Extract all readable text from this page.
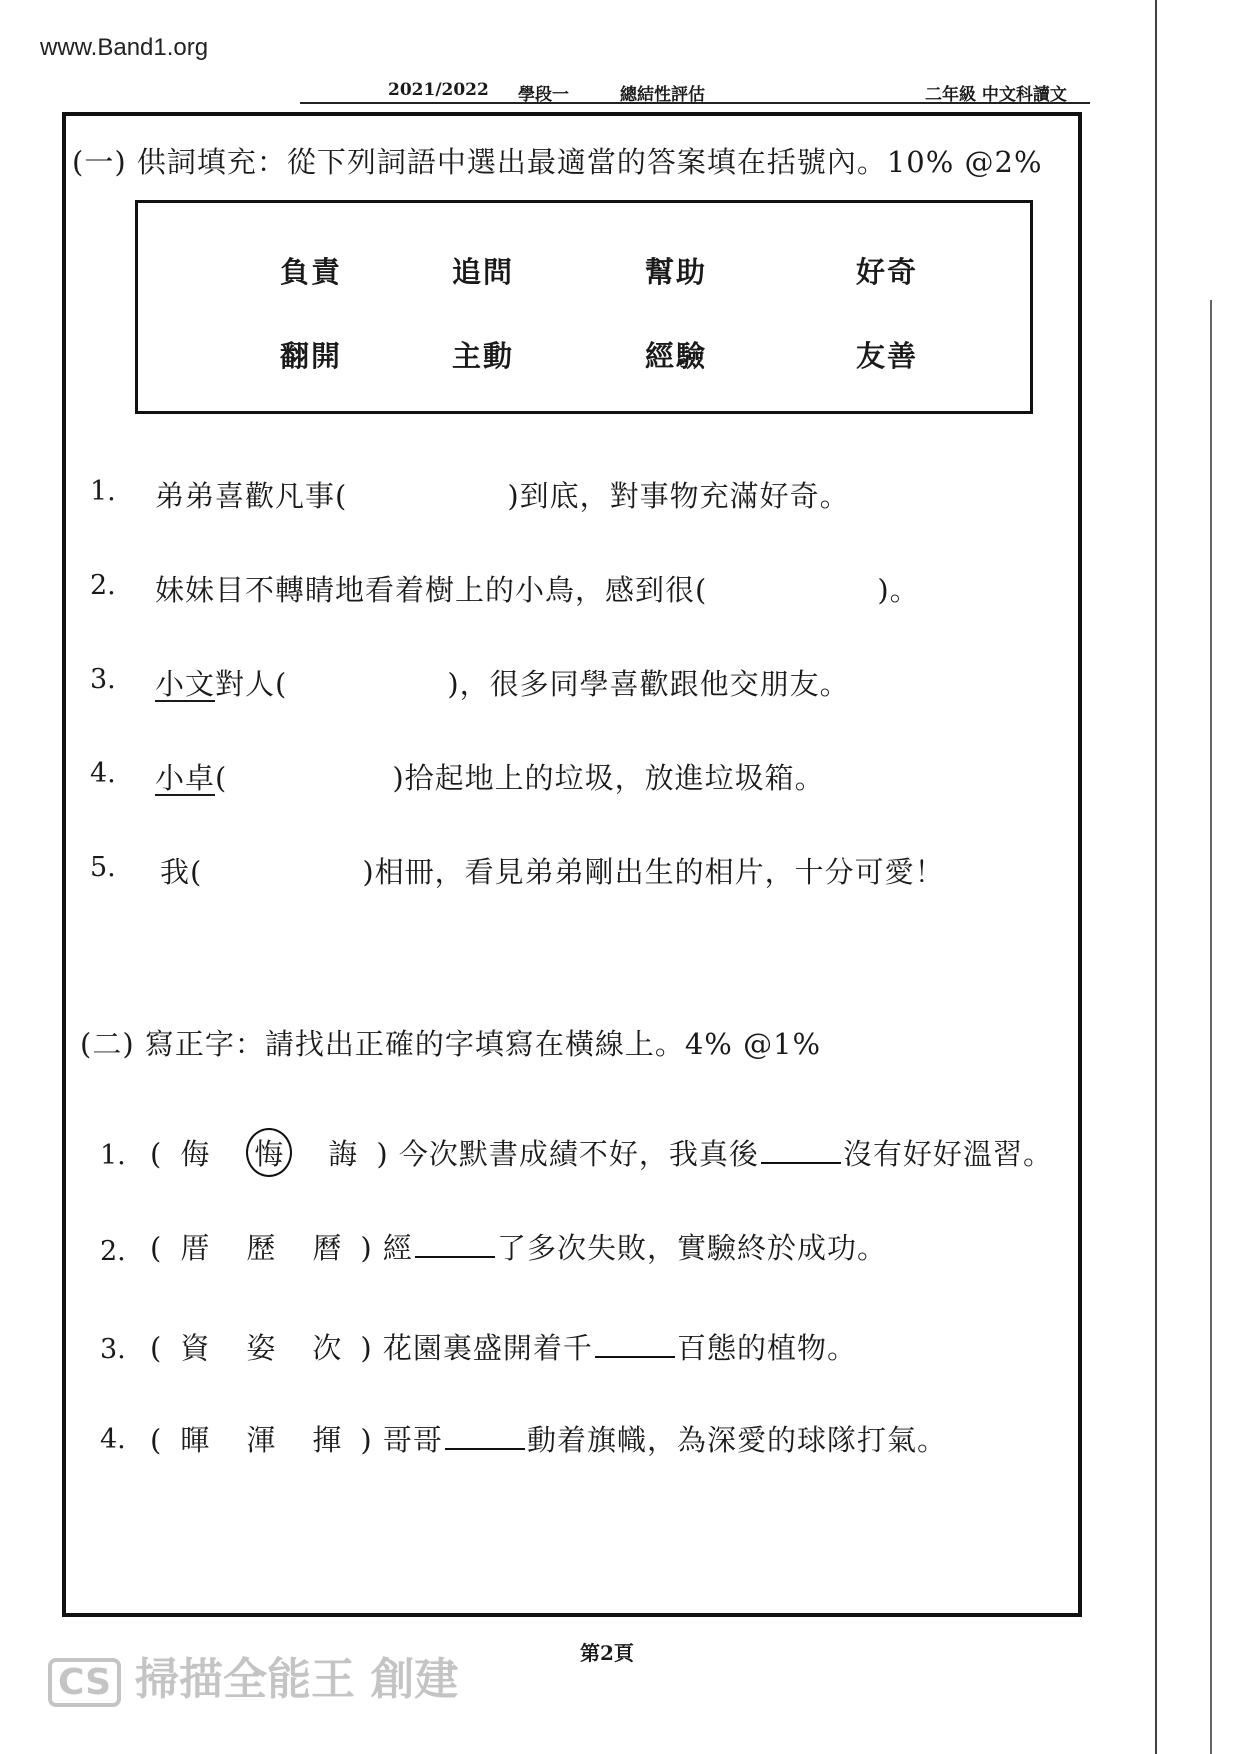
www.Band1.org
2021/2022 學段一	總結性評估	二年級 中文科讀文
(一) 供詞填充：從下列詞語中選出最適當的答案填在括號內。10% @2%
負責	追問	幫助	好奇
翻開	主動	經驗	友善
1. 弟弟喜歡凡事(	)到底，對事物充滿好奇。
2. 妹妹目不轉睛地看着樹上的小鳥，感到很(	)。
3. 小文對人(	)，很多同學喜歡跟他交朋友。
4. 小卓(	)拾起地上的垃圾，放進垃圾箱。
5. 我(	)相冊，看見弟弟剛出生的相片，十分可愛！
(二) 寫正字：請找出正確的字填寫在橫線上。4% @1%
1. ( 侮 悔 誨 ) 今次默書成績不好，我真後	沒有好好溫習。
2. ( 厝 歷 曆 ) 經	了多次失敗，實驗終於成功。
3. ( 資 姿 次 ) 花園裏盛開着千	百態的植物。
4. ( 暉 渾 揮 ) 哥哥	動着旗幟，為深愛的球隊打氣。
第2頁
CS 掃描全能王 創建
